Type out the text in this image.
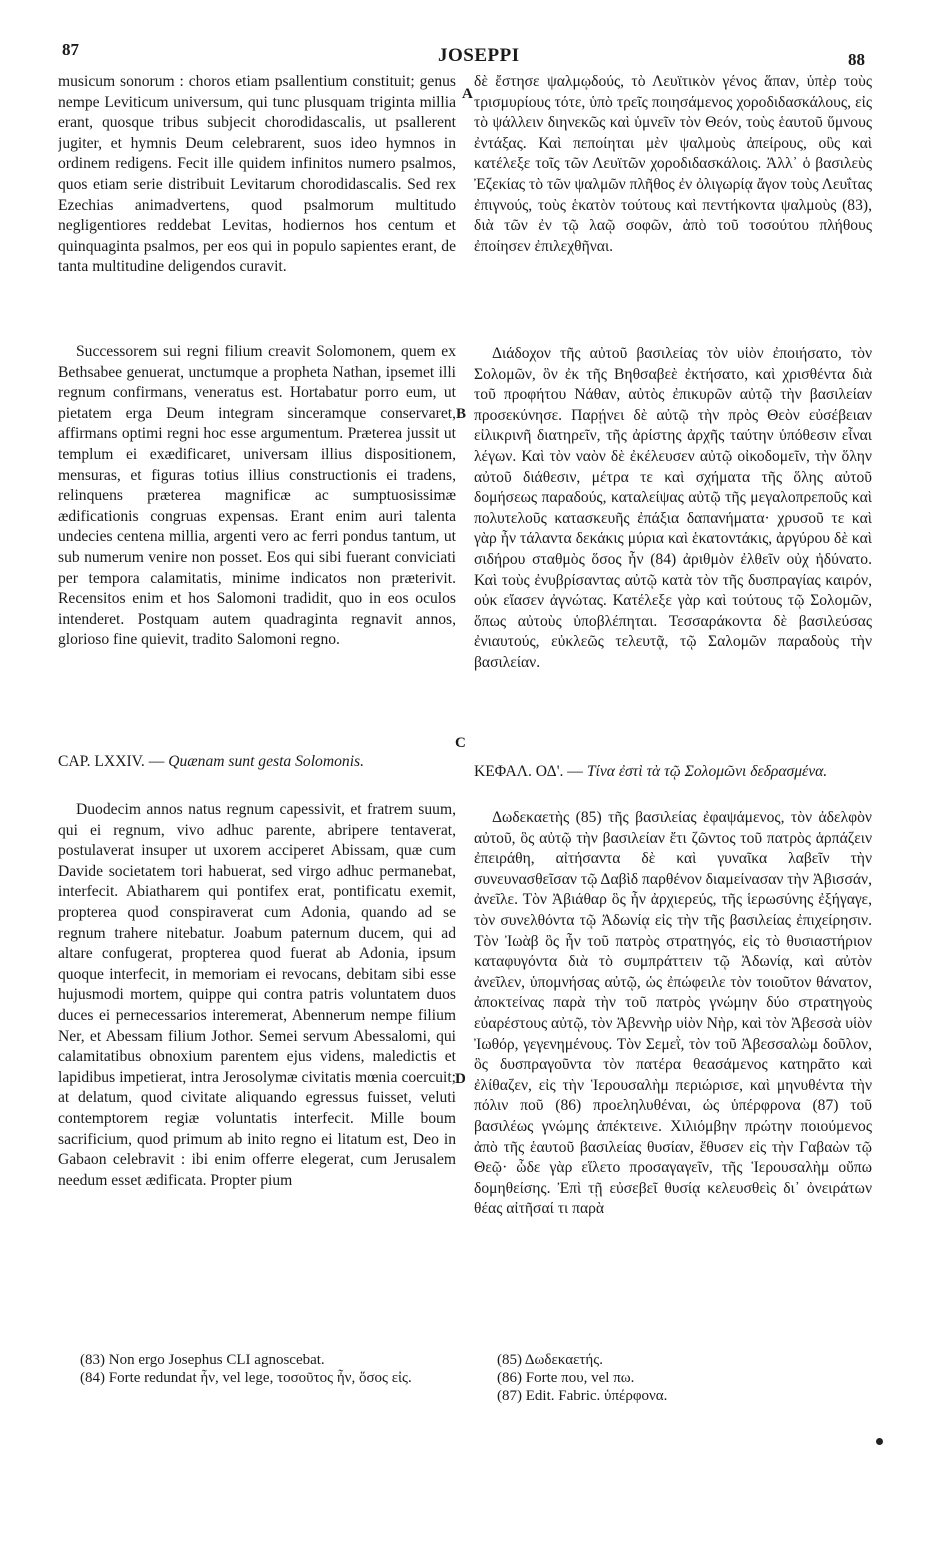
87	JOSEPPI	88
A
B
C
D

musicum sonorum : choros etiam psallentium constituit; genus nempe Leviticum universum, qui tunc plusquam triginta millia erant, quosque tribus subjecit chorodidascalis, ut psallerent jugiter, et hymnis Deum celebrarent, suos ideo hymnos in ordinem redigens. Fecit ille quidem infinitos numero psalmos, quos etiam serie distribuit Levitarum chorodidascalis. Sed rex Ezechias animadvertens, quod psalmorum multitudo negligentiores reddebat Levitas, hodiernos hos centum et quinquaginta psalmos, per eos qui in populo sapientes erant, de tanta multitudine deligendos curavit.

Successorem sui regni filium creavit Solomonem, quem ex Bethsabee genuerat, unctumque a propheta Nathan, ipsemet illi regnum confirmans, veneratus est. Hortabatur porro eum, ut pietatem erga Deum integram sinceramque conservaret, affirmans optimi regni hoc esse argumentum. Præterea jussit ut templum ei exædificaret, universam illius dispositionem, mensuras, et figuras totius illius constructionis ei tradens, relinquens præterea magnificæ ac sumptuosissimæ ædificationis congruas expensas. Erant enim auri talenta undecies centena millia, argenti vero ac ferri pondus tantum, ut sub numerum venire non posset. Eos qui sibi fuerant conviciati per tempora calamitatis, minime indicatos non præterivit. Recensitos enim et hos Salomoni tradidit, quo in eos oculos intenderet. Postquam autem quadraginta regnavit annos, glorioso fine quievit, tradito Salomoni regno.

CAP. LXXIV. — Quænam sunt gesta Solomonis.

Duodecim annos natus regnum capessivit, et fratrem suum, qui ei regnum, vivo adhuc parente, abripere tentaverat, postulaverat insuper ut uxorem acciperet Abissam, quæ cum Davide societatem tori habuerat, sed virgo adhuc permanebat, interfecit. Abiatharem qui pontifex erat, pontificatu exemit, propterea quod conspiraverat cum Adonia, quando ad se regnum trahere nitebatur. Joabum paternum ducem, qui ad altare confugerat, propterea quod fuerat ab Adonia, ipsum quoque interfecit, in memoriam ei revocans, debitam sibi esse hujusmodi mortem, quippe qui contra patris voluntatem duos duces ei pernecessarios interemerat, Abennerum nempe filium Ner, et Abessam filium Jothor. Semei servum Abessalomi, qui calamitatibus obnoxium parentem ejus videns, maledictis et lapidibus impetierat, intra Jerosolymæ civitatis mœnia coercuit; at delatum, quod civitate aliquando egressus fuisset, veluti contemptorem regiæ voluntatis interfecit. Mille boum sacrificium, quod primum ab inito regno ei litatum est, Deo in Gabaon celebravit : ibi enim offerre elegerat, cum Jerusalem needum esset ædificata. Propter pium

(83) Non ergo Josephus CLI agnoscebat.
(84) Forte redundat ἦν, vel lege, τοσοῦτος ἦν, ὅσος εἰς.

δὲ ἔστησε ψαλμῳδούς, τὸ Λευϊτικὸν γένος ἅπαν, ὑπὲρ τοὺς τρισμυρίους τότε, ὑπὸ τρεῖς ποιησάμενος χοροδιδασκάλους, εἰς τὸ ψάλλειν διηνεκῶς καὶ ὑμνεῖν τὸν Θεόν, τοὺς ἑαυτοῦ ὕμνους ἐντάξας. Καὶ πεποίηται μὲν ψαλμοὺς ἀπείρους, οὓς καὶ κατέλεξε τοῖς τῶν Λευϊτῶν χοροδιδασκάλοις. Ἀλλ᾽ ὁ βασιλεὺς Ἐζεκίας τὸ τῶν ψαλμῶν πλῆθος ἐν ὀλιγωρίᾳ ἄγον τοὺς Λευΐτας ἐπιγνούς, τοὺς ἑκατὸν τούτους καὶ πεντήκοντα ψαλμοὺς (83), διὰ τῶν ἐν τῷ λαῷ σοφῶν, ἀπὸ τοῦ τοσούτου πλήθους ἐποίησεν ἐπιλεχθῆναι.

Διάδοχον τῆς αὐτοῦ βασιλείας τὸν υἱὸν ἐποιήσατο, τὸν Σολομῶν, ὃν ἐκ τῆς Βηθσαβεὲ ἐκτήσατο, καὶ χρισθέντα διὰ τοῦ προφήτου Νάθαν, αὐτὸς ἐπικυρῶν αὐτῷ τὴν βασιλείαν προσεκύνησε. Παρῄνει δὲ αὐτῷ τὴν πρὸς Θεὸν εὐσέβειαν εἰλικρινῆ διατηρεῖν, τῆς ἀρίστης ἀρχῆς ταύτην ὑπόθεσιν εἶναι λέγων. Καὶ τὸν ναὸν δὲ ἐκέλευσεν αὐτῷ οἰκοδομεῖν, τὴν ὅλην αὐτοῦ διάθεσιν, μέτρα τε καὶ σχήματα τῆς ὅλης αὐτοῦ δομήσεως παραδούς, καταλείψας αὐτῷ τῆς μεγαλοπρεποῦς καὶ πολυτελοῦς κατασκευῆς ἐπάξια δαπανήματα· χρυσοῦ τε καὶ γὰρ ἦν τάλαντα δεκάκις μύρια καὶ ἑκατοντάκις, ἀργύρου δὲ καὶ σιδήρου σταθμὸς ὅσος ἦν (84) ἀριθμὸν ἐλθεῖν οὐχ ἠδύνατο. Καὶ τοὺς ἐνυβρίσαντας αὐτῷ κατὰ τὸν τῆς δυσπραγίας καιρόν, οὐκ εἴασεν ἀγνώτας. Κατέλεξε γὰρ καὶ τούτους τῷ Σολομῶν, ὅπως αὐτοὺς ὑποβλέπηται. Τεσσαράκοντα δὲ βασιλεύσας ἐνιαυτούς, εὐκλεῶς τελευτᾷ, τῷ Σαλομῶν παραδοὺς τὴν βασιλείαν.

ΚΕΦΑΛ. ΟΔ'. — Τίνα ἐστὶ τὰ τῷ Σολομῶνι δεδρασμένα.

Δωδεκαετὴς (85) τῆς βασιλείας ἐφαψάμενος, τὸν ἀδελφὸν αὐτοῦ, ὃς αὐτῷ τὴν βασιλείαν ἔτι ζῶντος τοῦ πατρὸς ἁρπάζειν ἐπειράθη, αἰτήσαντα δὲ καὶ γυναῖκα λαβεῖν τὴν συνευνασθεῖσαν τῷ Δαβὶδ παρθένον διαμείνασαν τὴν Ἀβισσάν, ἀνεῖλε. Τὸν Ἀβιάθαρ ὃς ἦν ἀρχιερεύς, τῆς ἱερωσύνης ἐξήγαγε, τὸν συνελθόντα τῷ Ἀδωνίᾳ εἰς τὴν τῆς βασιλείας ἐπιχείρησιν. Τὸν Ἰωὰβ ὃς ἦν τοῦ πατρὸς στρατηγός, εἰς τὸ θυσιαστήριον καταφυγόντα διὰ τὸ συμπράττειν τῷ Ἀδωνίᾳ, καὶ αὐτὸν ἀνεῖλεν, ὑπομνήσας αὐτῷ, ὡς ἐπώφειλε τὸν τοιοῦτον θάνατον, ἀποκτείνας παρὰ τὴν τοῦ πατρὸς γνώμην δύο στρατηγοὺς εὐαρέστους αὐτῷ, τὸν Ἀβεννὴρ υἱὸν Νὴρ, καὶ τὸν Ἀβεσσὰ υἱὸν Ἰωθόρ, γεγενημένους. Τὸν Σεμεῒ, τὸν τοῦ Ἀβεσσαλὼμ δοῦλον, ὃς δυσπραγοῦντα τὸν πατέρα θεασάμενος κατηρᾶτο καὶ ἐλίθαζεν, εἰς τὴν Ἱερουσαλὴμ περιώρισε, καὶ μηνυθέντα τὴν πόλιν ποῦ (86) προεληλυθέναι, ὡς ὑπέρφρονα (87) τοῦ βασιλέως γνώμης ἀπέκτεινε. Χιλιόμβην πρώτην ποιούμενος ἀπὸ τῆς ἑαυτοῦ βασιλείας θυσίαν, ἔθυσεν εἰς τὴν Γαβαὼν τῷ Θεῷ· ὧδε γὰρ εἵλετο προσαγαγεῖν, τῆς Ἱερουσαλὴμ οὔπω δομηθείσης. Ἐπὶ τῇ εὐσεβεῖ θυσίᾳ κελευσθεὶς δι᾽ ὀνειράτων θέας αἰτῆσαί τι παρὰ

(85) Δωδεκαετής.
(86) Forte που, vel πω.
(87) Edit. Fabric. ὑπέρφονα.
